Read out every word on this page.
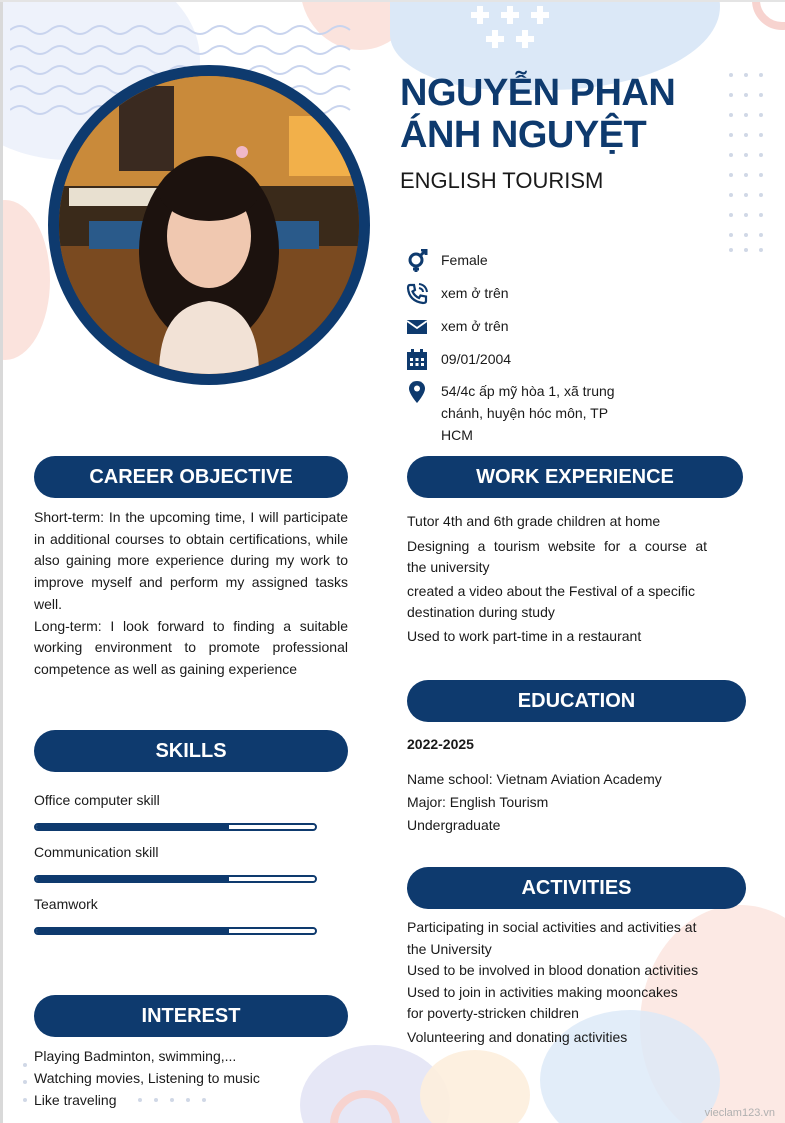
NGUYỄN PHAN
ÁNH NGUYỆT
ENGLISH TOURISM
Female
xem ở trên
xem ở trên
09/01/2004
54/4c ấp mỹ hòa 1, xã trung
chánh, huyện hóc môn, TP
HCM
CAREER OBJECTIVE

Short-term: In the upcoming time, I will participate in additional courses to obtain certifications, while also gaining more experience during my work to improve myself and perform my assigned tasks well.

Long-term: I look forward to finding a suitable working environment to promote professional competence as well as gaining experience

WORK EXPERIENCE
Tutor 4th and 6th grade children at home
Designing a tourism website for a course at
the university
created a video about the Festival of a specific
destination during study
Used to work part-time in a restaurant
EDUCATION
2022-2025
Name school: Vietnam Aviation Academy
Major: English Tourism
Undergraduate
SKILLS
Office computer skill
Communication skill
Teamwork
ACTIVITIES
Participating in social activities and activities at
the University
Used to be involved in blood donation activities
Used to join in activities making mooncakes
for poverty-stricken children
Volunteering and donating activities
INTEREST
Playing Badminton, swimming,...
Watching movies, Listening to music
Like traveling
vieclam123.vn
